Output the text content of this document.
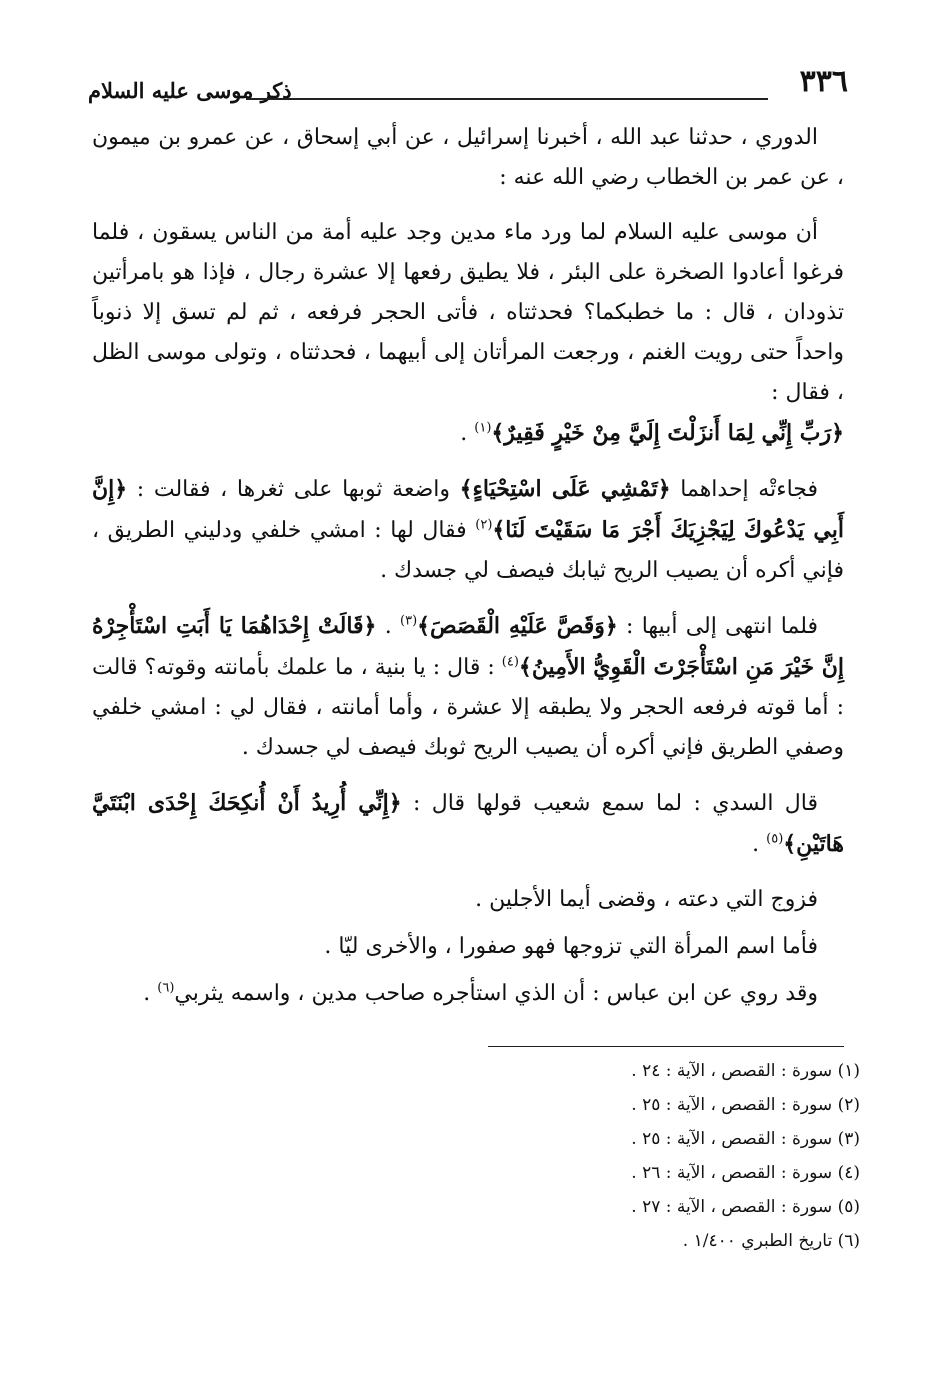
ذكر موسى عليه السلام	٣٣٦

الدوري ، حدثنا عبد الله ، أخبرنا إسرائيل ، عن أبي إسحاق ، عن عمرو بن ميمون ، عن عمر بن الخطاب رضي الله عنه :

أن موسى عليه السلام لما ورد ماء مدين وجد عليه أمة من الناس يسقون ، فلما فرغوا أعادوا الصخرة على البئر ، فلا يطيق رفعها إلا عشرة رجال ، فإذا هو بامرأتين تذودان ، قال : ما خطبكما؟ فحدثتاه ، فأتى الحجر فرفعه ، ثم لم تسق إلا ذنوباً واحداً حتى رويت الغنم ، ورجعت المرأتان إلى أبيهما ، فحدثتاه ، وتولى موسى الظل ، فقال :
﴿رَبِّ إِنِّي لِمَا أَنزَلْتَ إِلَيَّ مِنْ خَيْرٍ فَقِيرٌ﴾$^{(١)}$ .

فجاءتْه إحداهما ﴿تَمْشِي عَلَى اسْتِحْيَاءٍ﴾ واضعة ثوبها على ثغرها ، فقالت : ﴿إِنَّ أَبِي يَدْعُوكَ لِيَجْزِيَكَ أَجْرَ مَا سَقَيْتَ لَنَا﴾$^{(٢)}$ فقال لها : امشي خلفي ودليني الطريق ، فإني أكره أن يصيب الريح ثيابك فيصف لي جسدك .

فلما انتهى إلى أبيها : ﴿وَقَصَّ عَلَيْهِ الْقَصَصَ﴾$^{(٣)}$ . ﴿قَالَتْ إِحْدَاهُمَا يَا أَبَتِ اسْتَأْجِرْهُ إِنَّ خَيْرَ مَنِ اسْتَأْجَرْتَ الْقَوِيُّ الأَمِينُ﴾$^{(٤)}$ : قال : يا بنية ، ما علمك بأمانته وقوته؟ قالت : أما قوته فرفعه الحجر ولا يطبقه إلا عشرة ، وأما أمانته ، فقال لي : امشي خلفي وصفي الطريق فإني أكره أن يصيب الريح ثوبك فيصف لي جسدك .

قال السدي : لما سمع شعيب قولها قال : ﴿إِنِّي أُرِيدُ أَنْ أُنكِحَكَ إِحْدَى ابْنَتَيَّ هَاتَيْنِ﴾$^{(٥)}$ .

فزوج التي دعته ، وقضى أيما الأجلين .

فأما اسم المرأة التي تزوجها فهو صفورا ، والأخرى ليّا .

وقد روي عن ابن عباس : أن الذي استأجره صاحب مدين ، واسمه يثربي$^{(٦)}$ .

(١) سورة : القصص ، الآية : ٢٤ .

(٢) سورة : القصص ، الآية : ٢٥ .

(٣) سورة : القصص ، الآية : ٢٥ .

(٤) سورة : القصص ، الآية : ٢٦ .

(٥) سورة : القصص ، الآية : ٢٧ .

(٦) تاريخ الطبري ١/٤٠٠ .
